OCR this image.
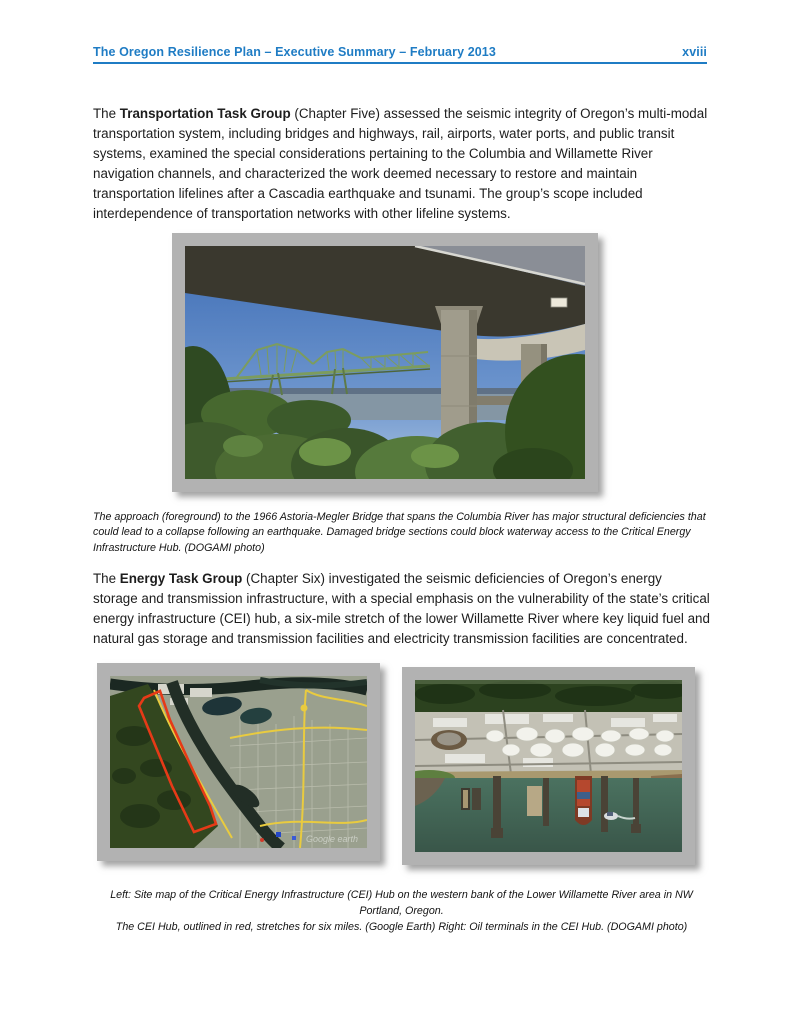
The Oregon Resilience Plan – Executive Summary – February 2013	xviii

The Transportation Task Group (Chapter Five) assessed the seismic integrity of Oregon’s multi-modal transportation system, including bridges and highways, rail, airports, water ports, and public transit systems, examined the special considerations pertaining to the Columbia and Willamette River navigation channels, and characterized the work deemed necessary to restore and maintain transportation lifelines after a Cascadia earthquake and tsunami. The group’s scope included interdependence of transportation networks with other lifeline systems.

The approach (foreground) to the 1966 Astoria-Megler Bridge that spans the Columbia River has major structural deficiencies that could lead to a collapse following an earthquake. Damaged bridge sections could block waterway access to the Critical Energy Infrastructure Hub. (DOGAMI photo)

The Energy Task Group (Chapter Six) investigated the seismic deficiencies of Oregon’s energy storage and transmission infrastructure, with a special emphasis on the vulnerability of the state’s critical energy infrastructure (CEI) hub, a six-mile stretch of the lower Willamette River where key liquid fuel and natural gas storage and transmission facilities and electricity transmission facilities are concentrated.

Google earth
Left: Site map of the Critical Energy Infrastructure (CEI) Hub on the western bank of the Lower Willamette River area in NW Portland, Oregon.
The CEI Hub, outlined in red, stretches for six miles. (Google Earth) Right: Oil terminals in the CEI Hub. (DOGAMI photo)
